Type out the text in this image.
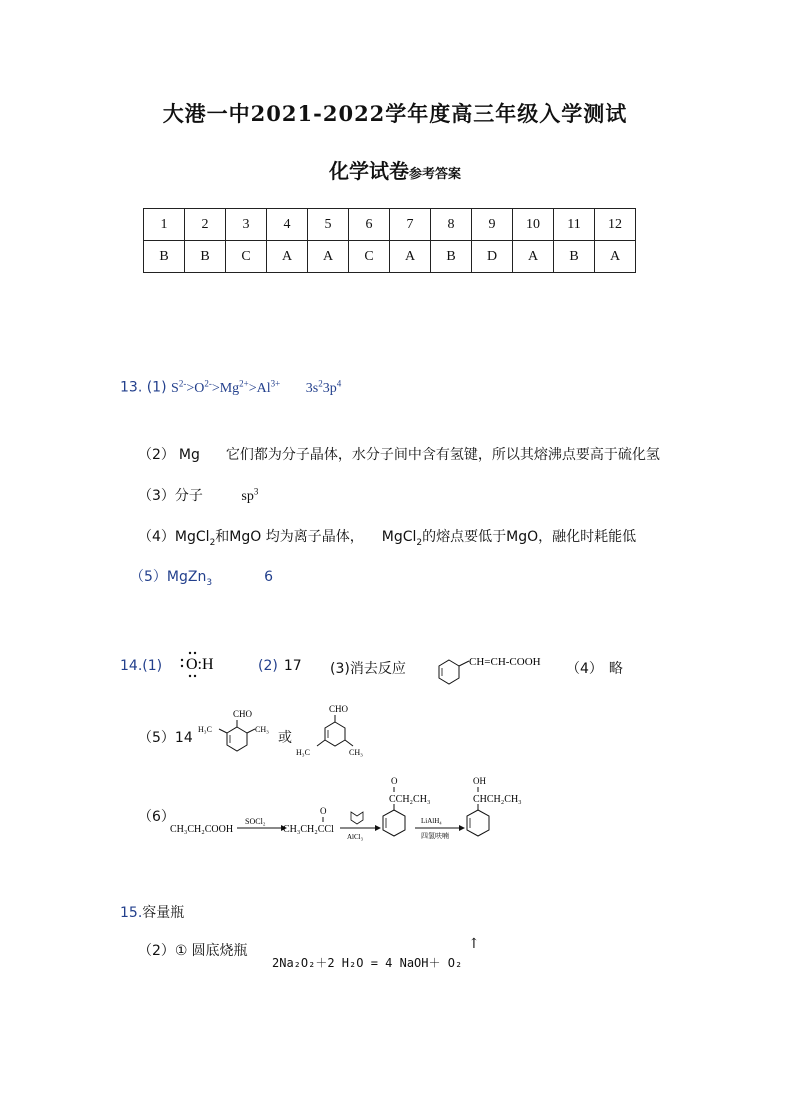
大港一中2021-2022学年度高三年级入学测试
化学试卷参考答案
1	2	3	4	5	6	7	8	9	10	11	12
B	B	C	A	A	C	A	B	D	A	B	A
13. (1) $S^{2-}>O^{2-}>Mg^{2+}>Al^{3+}$ $3s^23p^4$
（2） Mg 它们都为分子晶体，水分子间中含有氢键，所以其熔沸点要高于硫化氢
（3）分子	$sp^3$
（4）MgCl$_2$和MgO 均为离子晶体， MgCl$_2$的熔点要低于MgO，融化时耗能低
（5）MgZn$_3$	6
14.(1) O:H	(2) 17 (3)消去反应	CH=CH-COOH （4） 略
（5）14
CHO
H₃C	CH₃
或
CHO
H₃C	CH₃
（6）
CH₃CH₂COOH
SOCl₂
O
CH₃CH₂CCl
AlCl₃
O
CCH₂CH₃
LiAlH₄
四氢呋喃
OH
CHCH₂CH₃
15.容量瓶
（2）① 圆底烧瓶
2Na₂O₂＋2 H₂O = 4 NaOH＋ O₂
↑
